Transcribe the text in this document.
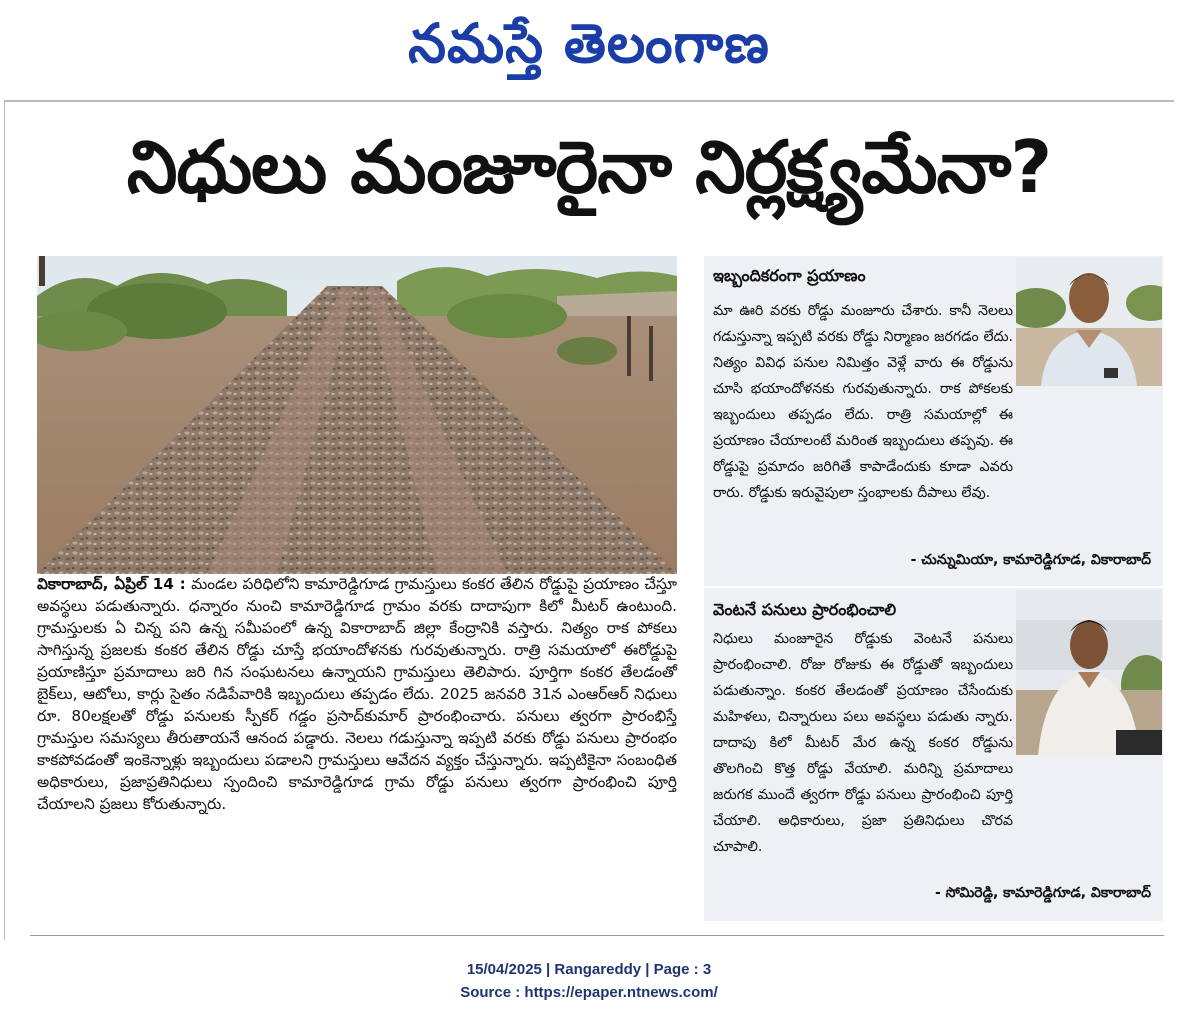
నమస్తే తెలంగాణ
నిధులు మంజూరైనా నిర్లక్ష్యమేనా?
వికారాబాద్, ఏప్రిల్ 14 : మండల పరిధిలోని కామారెడ్డిగూడ గ్రామస్తులు కంకర తేలిన రోడ్డుపై ప్రయాణం చేస్తూ అవస్థలు పడుతున్నారు. ధన్నారం నుంచి కామారెడ్డిగూడ గ్రామం వరకు దాదాపుగా కిలో మీటర్ ఉంటుంది. గ్రామస్తులకు ఏ చిన్న పని ఉన్న సమీపంలో ఉన్న వికారాబాద్ జిల్లా కేంద్రానికి వస్తారు. నిత్యం రాక పోకలు సాగిస్తున్న ప్రజలకు కంకర తేలిన రోడ్డు చూస్తే భయాందోళనకు గురవుతున్నారు. రాత్రి సమయాలో ఈరోడ్డుపై ప్రయాణిస్తూ ప్రమాదాలు జరి గిన సంఘటనలు ఉన్నాయని గ్రామస్తులు తెలిపారు. పూర్తిగా కంకర తేలడంతో బైక్‌లు, ఆటోలు, కార్లు సైతం నడిపేవారికి ఇబ్బందులు తప్పడం లేదు. 2025 జనవరి 31న ఎంఆర్‌ఆర్ నిధులు రూ. 80లక్షలతో రోడ్డు పనులకు స్పీకర్ గడ్డం ప్రసాద్‌కుమార్ ప్రారంభించారు. పనులు త్వరగా ప్రారంభిస్తే గ్రామస్తుల సమస్యలు తీరుతాయనే ఆనంద పడ్డారు. నెలలు గడుస్తున్నా ఇప్పటి వరకు రోడ్డు పనులు ప్రారంభం కాకపోవడంతో ఇంకెన్నాళ్లు ఇబ్బందులు పడాలని గ్రామస్తులు ఆవేదన వ్యక్తం చేస్తున్నారు. ఇప్పటికైనా సంబంధిత అధికారులు, ప్రజాప్రతినిధులు స్పందించి కామారెడ్డిగూడ గ్రామ రోడ్డు పనులు త్వరగా ప్రారంభించి పూర్తి చేయాలని ప్రజలు కోరుతున్నారు.
ఇబ్బందికరంగా ప్రయాణం
మా ఊరి వరకు రోడ్డు మంజూరు చేశారు. కానీ నెలలు గడుస్తున్నా ఇప్పటి వరకు రోడ్డు నిర్మాణం జరగడం లేదు. నిత్యం వివిధ పనుల నిమిత్తం వెళ్లే వారు ఈ రోడ్డును చూసి భయాందోళనకు గురవుతున్నారు. రాక పోకలకు ఇబ్బందులు తప్పడం లేదు. రాత్రి సమయాల్లో ఈ ప్రయాణం చేయాలంటే మరింత ఇబ్బందులు తప్పవు. ఈ రోడ్డుపై ప్రమాదం జరిగితే కాపాడేందుకు కూడా ఎవరు రారు. రోడ్డుకు ఇరువైపులా స్తంభాలకు దీపాలు లేవు.
- చున్నుమియా, కామారెడ్డిగూడ, వికారాబాద్
వెంటనే పనులు ప్రారంభించాలి
నిధులు మంజూరైన రోడ్డుకు వెంటనే పనులు ప్రారంభించాలి. రోజు రోజుకు ఈ రోడ్డుతో ఇబ్బందులు పడుతున్నాం. కంకర తేలడంతో ప్రయాణం చేసేందుకు మహిళలు, చిన్నారులు పలు అవస్థలు పడుతు న్నారు. దాదాపు కిలో మీటర్ మేర ఉన్న కంకర రోడ్డును తొలగించి కొత్త రోడ్డు వేయాలి. మరిన్ని ప్రమాదాలు జరుగక ముందే త్వరగా రోడ్డు పనులు ప్రారంభించి పూర్తి చేయాలి. అధికారులు, ప్రజా ప్రతినిధులు చొరవ చూపాలి.
- సోమిరెడ్డి, కామారెడ్డిగూడ, వికారాబాద్
15/04/2025 | Rangareddy | Page : 3
Source : https://epaper.ntnews.com/
